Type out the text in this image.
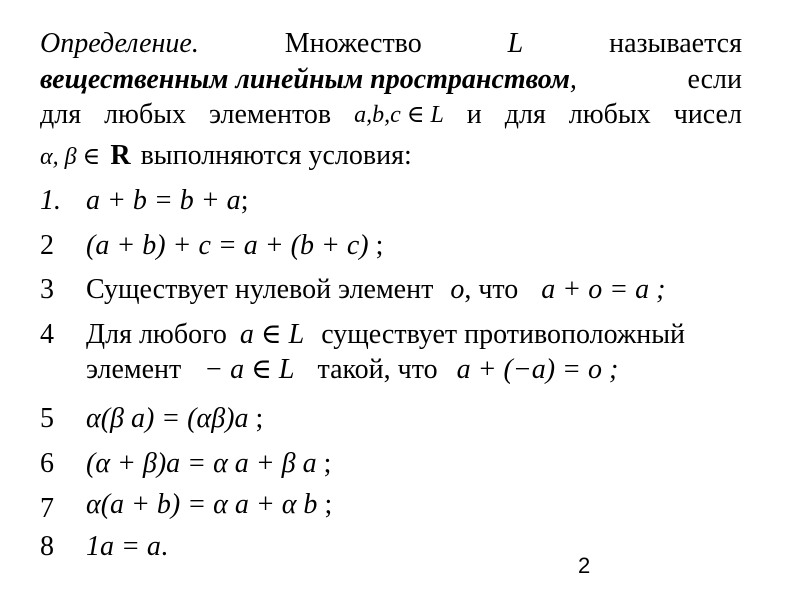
Определение.	Множество	L	называется
вещественным линейным пространством,	если
для любых элементов a,b,c ∈ L и для любых чисел
α, β ∈ R выполняются условия:
1. a + b = b + a;
2 (a + b) + c = a + (b + c) ;
3 Существует нулевой элемент o, что a + o = a ;
4 Для любого a ∈ L существует противоположный
элемент − a ∈ L такой, что a + (−a) = o ;
5 α(β a) = (αβ)a ;
6 (α + β)a = α a + β a ;
7 α(a + b) = α a + α b ;
8 1a = a.
2
